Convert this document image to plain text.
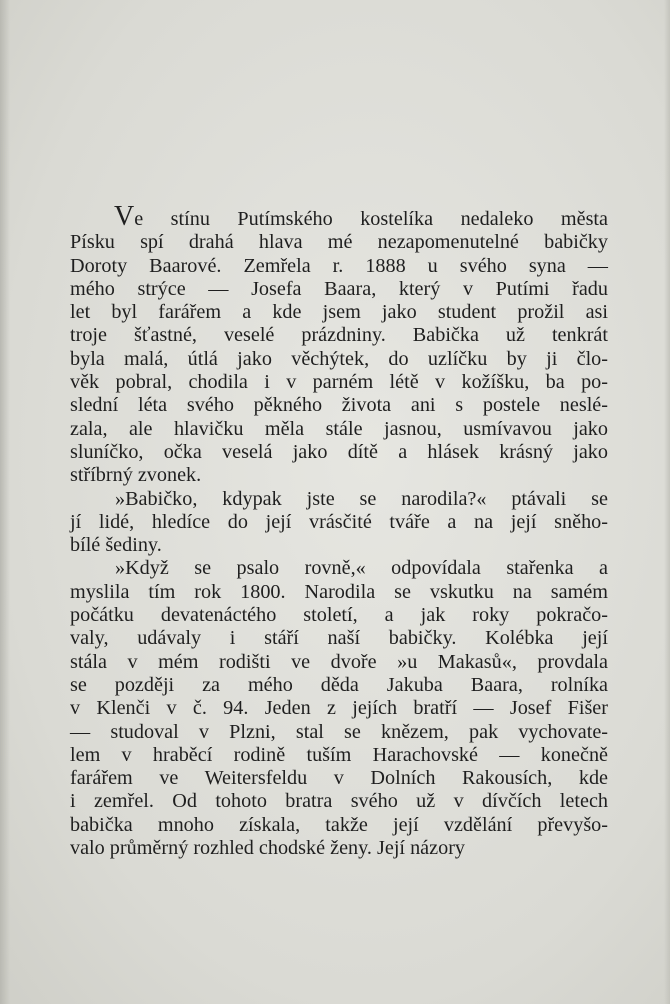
Ve stínu Putímského kostelíka nedaleko města
Písku spí drahá hlava mé nezapomenutelné babičky
Doroty Baarové. Zemřela r. 1888 u svého syna —
mého strýce — Josefa Baara, který v Putími řadu
let byl farářem a kde jsem jako student prožil asi
troje šťastné, veselé prázdniny. Babička už tenkrát
byla malá, útlá jako věchýtek, do uzlíčku by ji člo-
věk pobral, chodila i v parném létě v kožíšku, ba po-
slední léta svého pěkného života ani s postele neslé-
zala, ale hlavičku měla stále jasnou, usmívavou jako
sluníčko, očka veselá jako dítě a hlásek krásný jako
stříbrný zvonek.
»Babičko, kdypak jste se narodila?« ptávali se
jí lidé, hledíce do její vrásčité tváře a na její sněho-
bílé šediny.
»Když se psalo rovně,« odpovídala stařenka a
myslila tím rok 1800. Narodila se vskutku na samém
počátku devatenáctého století, a jak roky pokračo-
valy, udávaly i stáří naší babičky. Kolébka její
stála v mém rodišti ve dvoře »u Makasů«, provdala
se později za mého děda Jakuba Baara, rolníka
v Klenči v č. 94. Jeden z jejích bratří — Josef Fišer
— studoval v Plzni, stal se knězem, pak vychovate-
lem v hraběcí rodině tuším Harachovské — konečně
farářem ve Weitersfeldu v Dolních Rakousích, kde
i zemřel. Od tohoto bratra svého už v dívčích letech
babička mnoho získala, takže její vzdělání převyšo-
valo průměrný rozhled chodské ženy. Její názory
